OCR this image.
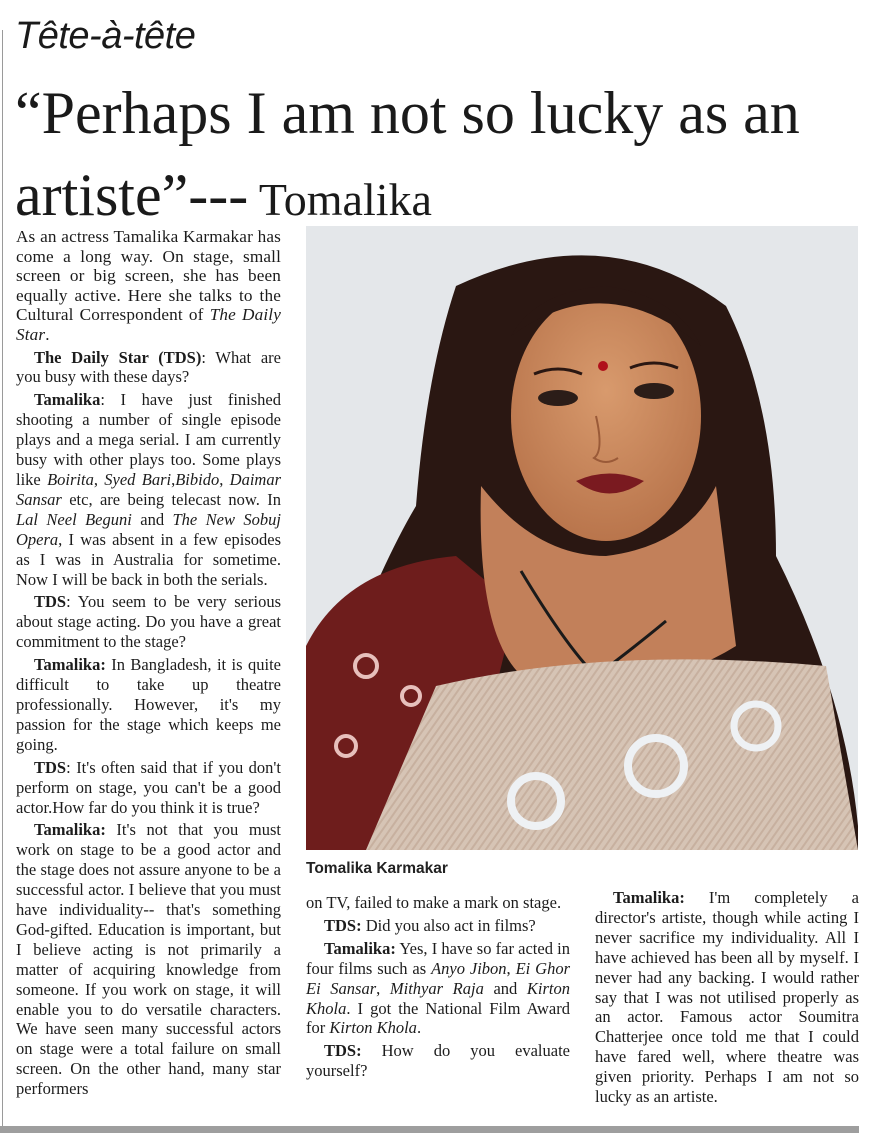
Tête-à-tête
“Perhaps I am not so lucky as an artiste”--- Tomalika

As an actress Tamalika Karmakar has come a long way. On stage, small screen or big screen, she has been equally active. Here she talks to the Cultural Correspondent of The Daily Star.

The Daily Star (TDS): What are you busy with these days?

Tamalika: I have just finished shooting a number of single episode plays and a mega serial. I am currently busy with other plays too. Some plays like Boirita, Syed Bari,Bibido, Daimar Sansar etc, are being telecast now. In Lal Neel Beguni and The New Sobuj Opera, I was absent in a few episodes as I was in Australia for sometime. Now I will be back in both the serials.

TDS: You seem to be very serious about stage acting. Do you have a great commitment to the stage?

Tamalika: In Bangladesh, it is quite difficult to take up theatre professionally. However, it's my passion for the stage which keeps me going.

TDS: It's often said that if you don't perform on stage, you can't be a good actor.How far do you think it is true?

Tamalika: It's not that you must work on stage to be a good actor and the stage does not assure anyone to be a successful actor. I believe that you must have individuality-- that's something God-gifted. Education is important, but I believe acting is not primarily a matter of acquiring knowledge from someone. If you work on stage, it will enable you to do versatile characters. We have seen many successful actors on stage were a total failure on small screen. On the other hand, many star performers

Tomalika Karmakar

on TV, failed to make a mark on stage.

TDS: Did you also act in films?

Tamalika: Yes, I have so far acted in four films such as Anyo Jibon, Ei Ghor Ei Sansar, Mithyar Raja and Kirton Khola. I got the National Film Award for Kirton Khola.

TDS: How do you evaluate yourself?

Tamalika: I'm completely a director's artiste, though while acting I never sacrifice my individuality. All I have achieved has been all by myself. I never had any backing. I would rather say that I was not utilised properly as an actor. Famous actor Soumitra Chatterjee once told me that I could have fared well, where theatre was given priority. Perhaps I am not so lucky as an artiste.
